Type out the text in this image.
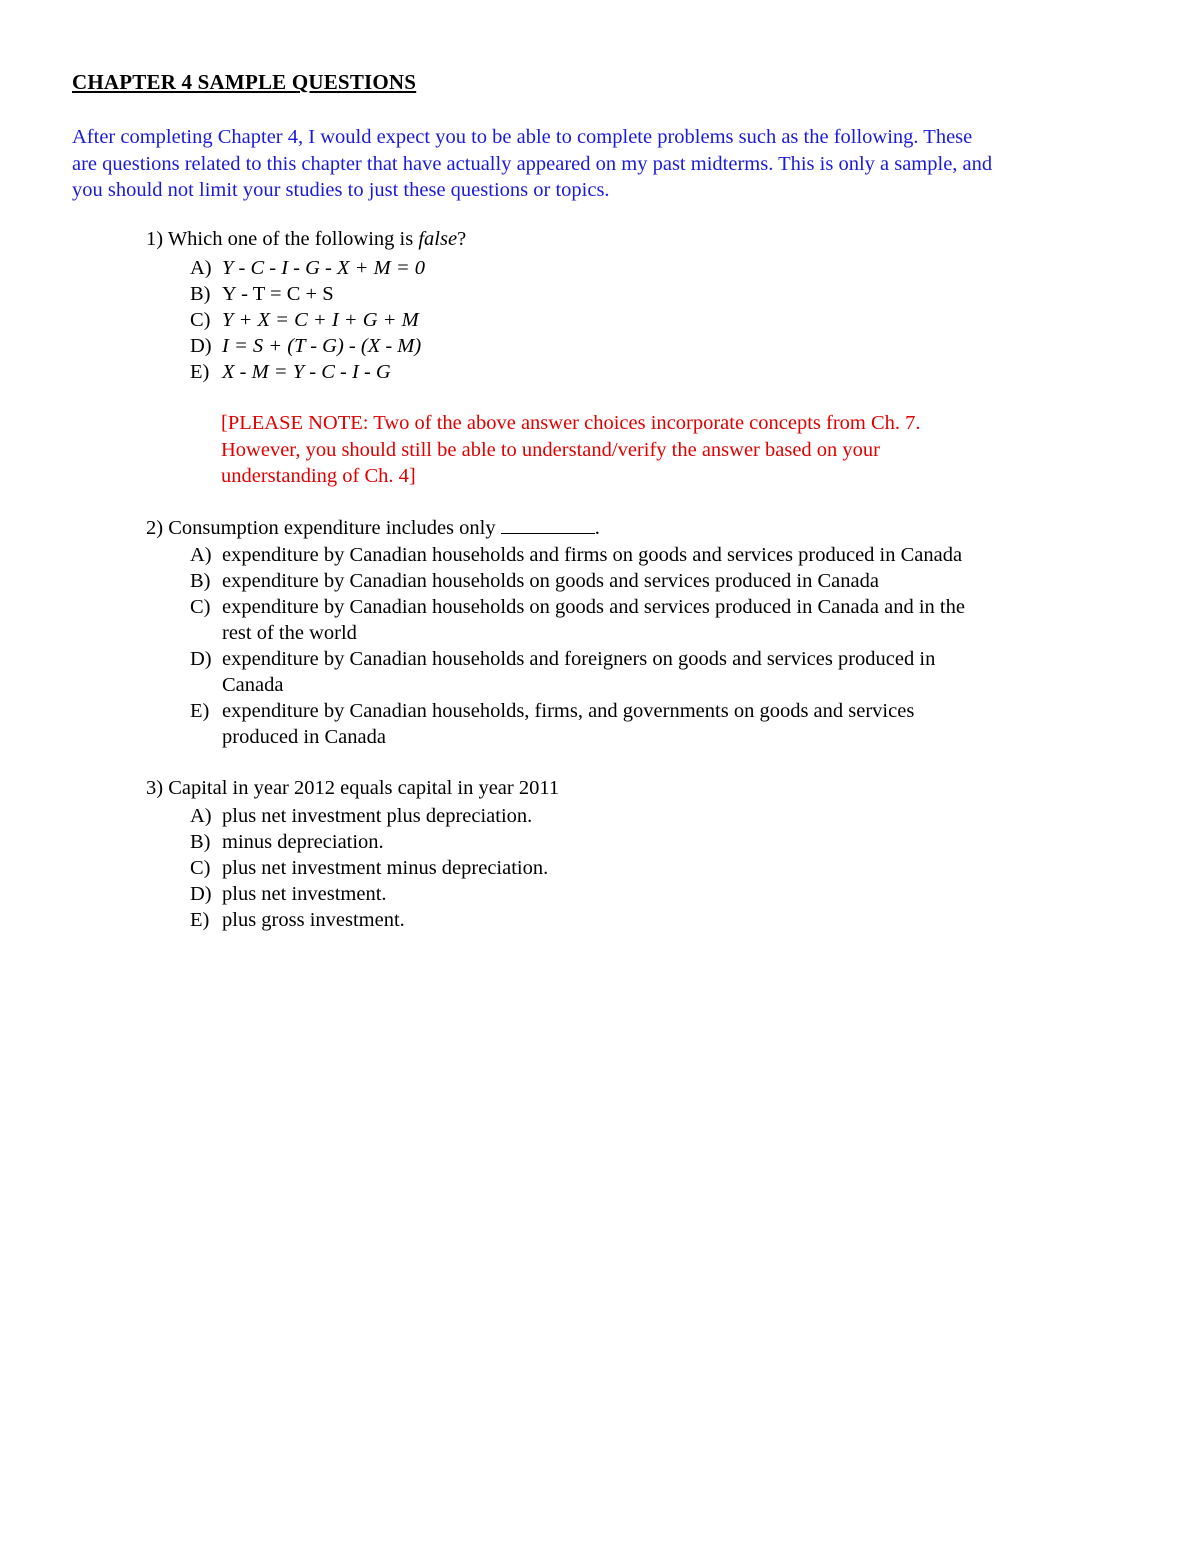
CHAPTER 4 SAMPLE QUESTIONS
After completing Chapter 4, I would expect you to be able to complete problems such as the following. These
are questions related to this chapter that have actually appeared on my past midterms. This is only a sample, and
you should not limit your studies to just these questions or topics.
1) Which one of the following is false?
A) Y - C - I - G - X + M = 0
B) Y - T = C + S
C) Y + X = C + I + G + M
D) I = S + (T - G) - (X - M)
E) X - M = Y - C - I - G
[PLEASE NOTE: Two of the above answer choices incorporate concepts from Ch. 7.
However, you should still be able to understand/verify the answer based on your
understanding of Ch. 4]
2) Consumption expenditure includes only	.
A) expenditure by Canadian households and firms on goods and services produced in Canada
B) expenditure by Canadian households on goods and services produced in Canada
C) expenditure by Canadian households on goods and services produced in Canada and in the
rest of the world
D) expenditure by Canadian households and foreigners on goods and services produced in
Canada
E) expenditure by Canadian households, firms, and governments on goods and services
produced in Canada
3) Capital in year 2012 equals capital in year 2011
A) plus net investment plus depreciation.
B) minus depreciation.
C) plus net investment minus depreciation.
D) plus net investment.
E) plus gross investment.
